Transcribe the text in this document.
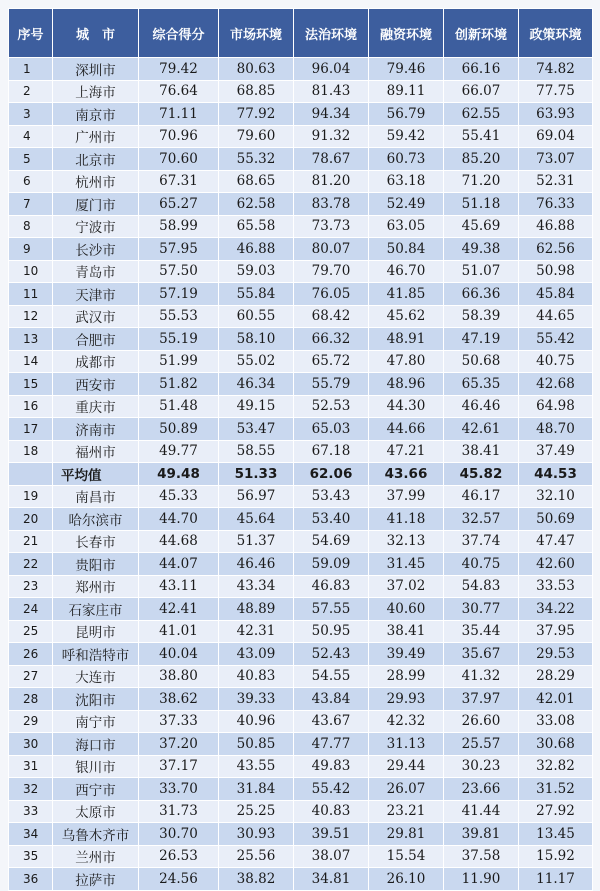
序号	城　市	综合得分	市场环境	法治环境	融资环境	创新环境	政策环境
1	深圳市	79.42	80.63	96.04	79.46	66.16	74.82
2	上海市	76.64	68.85	81.43	89.11	66.07	77.75
3	南京市	71.11	77.92	94.34	56.79	62.55	63.93
4	广州市	70.96	79.60	91.32	59.42	55.41	69.04
5	北京市	70.60	55.32	78.67	60.73	85.20	73.07
6	杭州市	67.31	68.65	81.20	63.18	71.20	52.31
7	厦门市	65.27	62.58	83.78	52.49	51.18	76.33
8	宁波市	58.99	65.58	73.73	63.05	45.69	46.88
9	长沙市	57.95	46.88	80.07	50.84	49.38	62.56
10	青岛市	57.50	59.03	79.70	46.70	51.07	50.98
11	天津市	57.19	55.84	76.05	41.85	66.36	45.84
12	武汉市	55.53	60.55	68.42	45.62	58.39	44.65
13	合肥市	55.19	58.10	66.32	48.91	47.19	55.42
14	成都市	51.99	55.02	65.72	47.80	50.68	40.75
15	西安市	51.82	46.34	55.79	48.96	65.35	42.68
16	重庆市	51.48	49.15	52.53	44.30	46.46	64.98
17	济南市	50.89	53.47	65.03	44.66	42.61	48.70
18	福州市	49.77	58.55	67.18	47.21	38.41	37.49
	平均值	49.48	51.33	62.06	43.66	45.82	44.53
19	南昌市	45.33	56.97	53.43	37.99	46.17	32.10
20	哈尔滨市	44.70	45.64	53.40	41.18	32.57	50.69
21	长春市	44.68	51.37	54.69	32.13	37.74	47.47
22	贵阳市	44.07	46.46	59.09	31.45	40.75	42.60
23	郑州市	43.11	43.34	46.83	37.02	54.83	33.53
24	石家庄市	42.41	48.89	57.55	40.60	30.77	34.22
25	昆明市	41.01	42.31	50.95	38.41	35.44	37.95
26	呼和浩特市	40.04	43.09	52.43	39.49	35.67	29.53
27	大连市	38.80	40.83	54.55	28.99	41.32	28.29
28	沈阳市	38.62	39.33	43.84	29.93	37.97	42.01
29	南宁市	37.33	40.96	43.67	42.32	26.60	33.08
30	海口市	37.20	50.85	47.77	31.13	25.57	30.68
31	银川市	37.17	43.55	49.83	29.44	30.23	32.82
32	西宁市	33.70	31.84	55.42	26.07	23.66	31.52
33	太原市	31.73	25.25	40.83	23.21	41.44	27.92
34	乌鲁木齐市	30.70	30.93	39.51	29.81	39.81	13.45
35	兰州市	26.53	25.56	38.07	15.54	37.58	15.92
36	拉萨市	24.56	38.82	34.81	26.10	11.90	11.17
